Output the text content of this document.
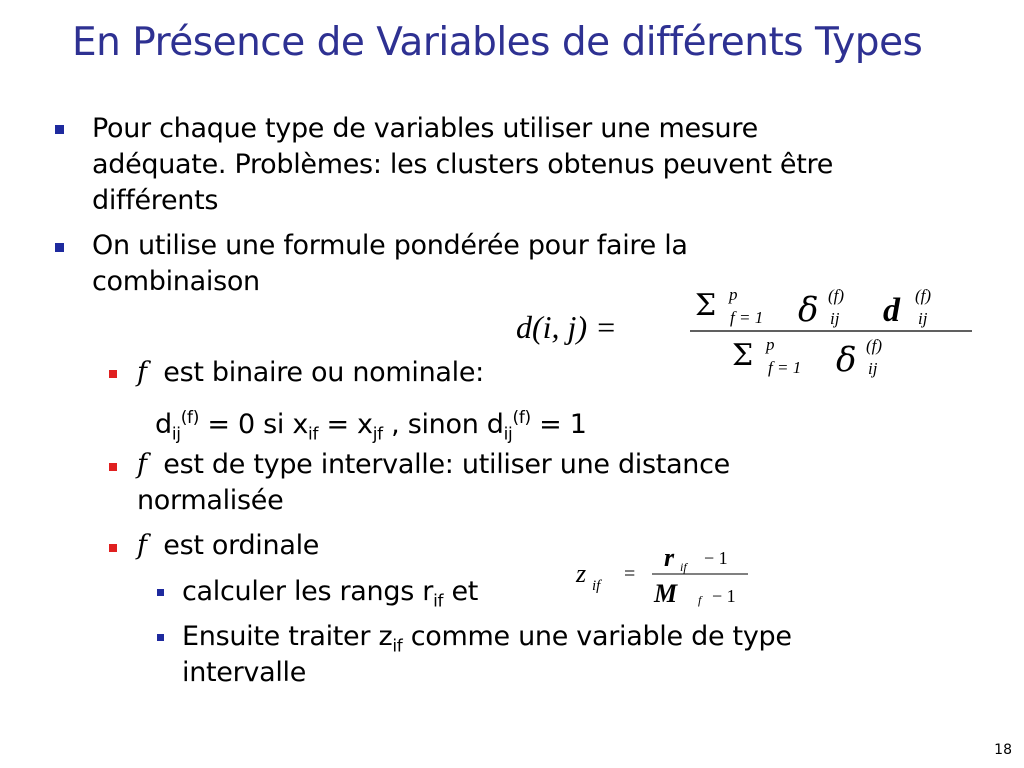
En Présence de Variables de différents Types
Pour chaque type de variables utiliser une mesure
adéquate. Problèmes: les clusters obtenus peuvent être
différents
On utilise une formule pondérée pour faire la
combinaison
d(i, j) =
Σ p
f = 1 δ (f)
ij d (f)
ij
Σ p
f = 1 δ (f)
ij
f est binaire ou nominale:
$d_{ij}^{(f)} = 0$ si $x_{if} = x_{jf}$ , sinon $d_{ij}^{(f)} = 1$
f est de type intervalle: utiliser une distance
normalisée
f est ordinale
calculer les rangs $r_{if}$ et
Ensuite traiter $z_{if}$ comme une variable de type
intervalle
z if
=
r if − 1
M f − 1
18
